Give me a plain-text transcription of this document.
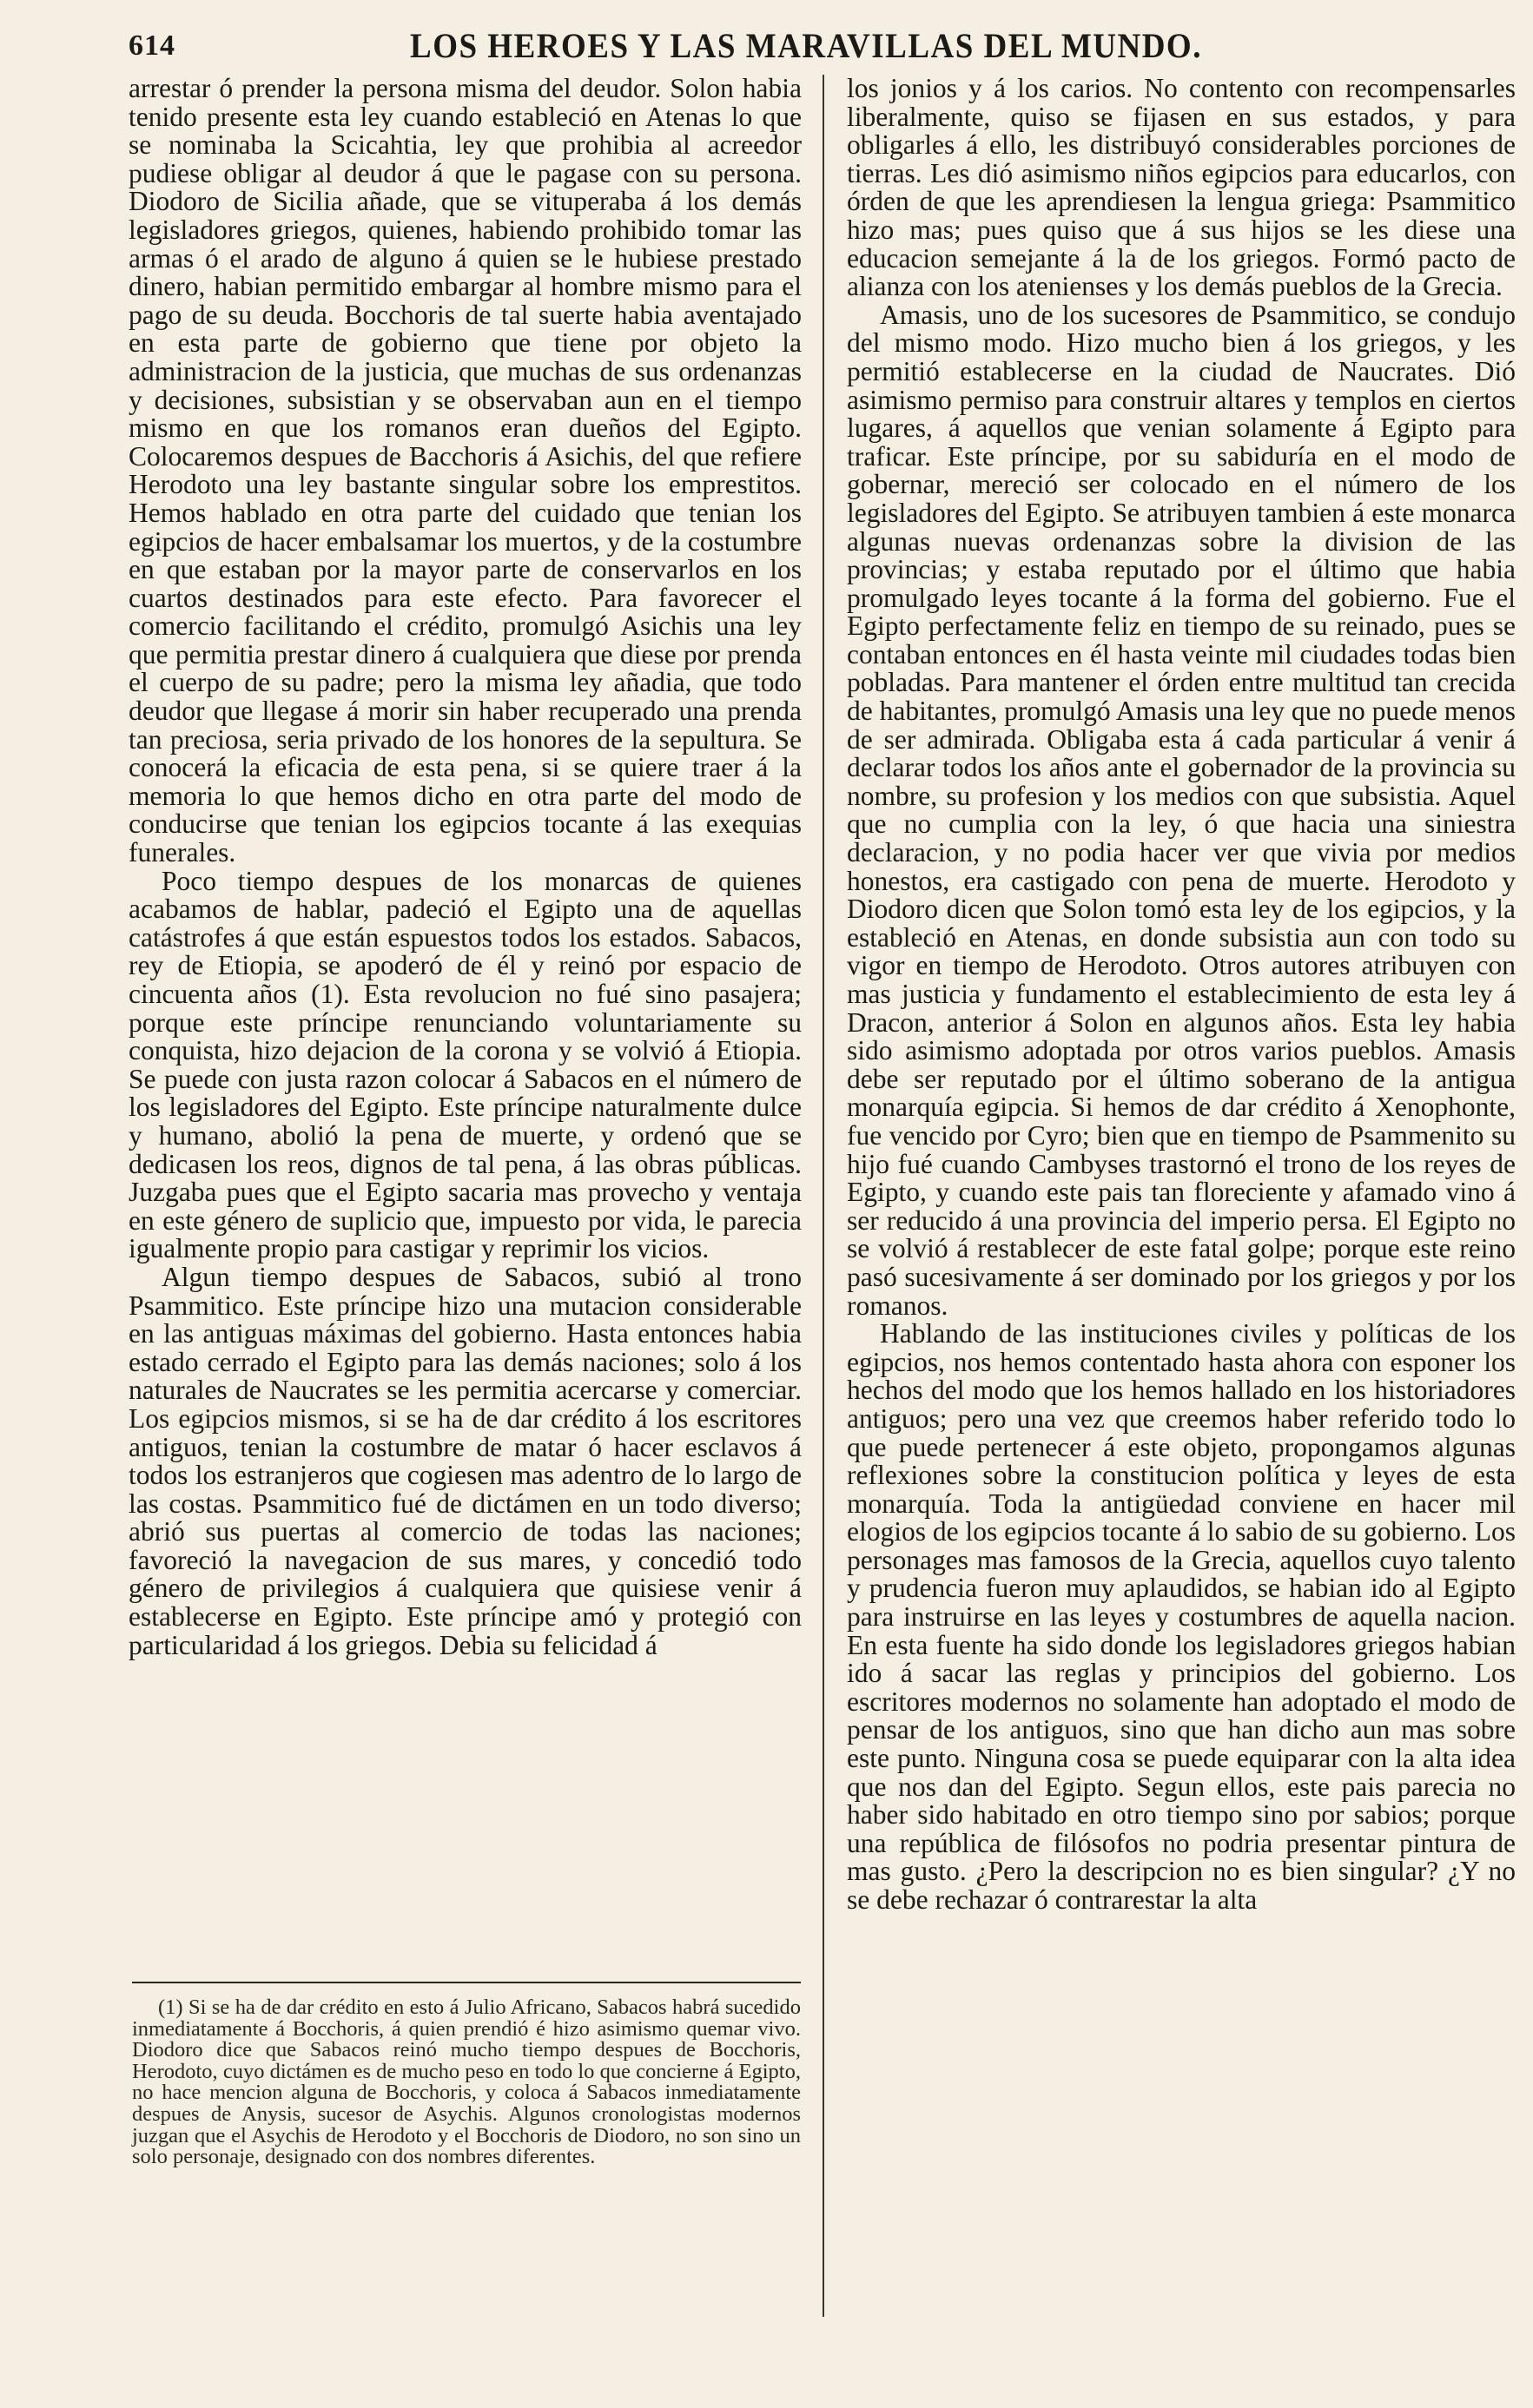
614	LOS HEROES Y LAS MARAVILLAS DEL MUNDO.

arrestar ó prender la persona misma del deudor. Solon habia tenido presente esta ley cuando estableció en Atenas lo que se nominaba la Scicahtia, ley que prohibia al acreedor pudiese obligar al deudor á que le pagase con su persona. Diodoro de Sicilia añade, que se vituperaba á los demás legisladores griegos, quienes, habiendo prohibido tomar las armas ó el arado de alguno á quien se le hubiese prestado dinero, habian permitido embargar al hombre mismo para el pago de su deuda. Bocchoris de tal suerte habia aventajado en esta parte de gobierno que tiene por objeto la administracion de la justicia, que muchas de sus ordenanzas y decisiones, subsistian y se observaban aun en el tiempo mismo en que los romanos eran dueños del Egipto. Colocaremos despues de Bacchoris á Asichis, del que refiere Herodoto una ley bastante singular sobre los emprestitos. Hemos hablado en otra parte del cuidado que tenian los egipcios de hacer embalsamar los muertos, y de la costumbre en que estaban por la mayor parte de conservarlos en los cuartos destinados para este efecto. Para favorecer el comercio facilitando el crédito, promulgó Asichis una ley que permitia prestar dinero á cualquiera que diese por prenda el cuerpo de su padre; pero la misma ley añadia, que todo deudor que llegase á morir sin haber recuperado una prenda tan preciosa, seria privado de los honores de la sepultura. Se conocerá la eficacia de esta pena, si se quiere traer á la memoria lo que hemos dicho en otra parte del modo de conducirse que tenian los egipcios tocante á las exequias funerales.

Poco tiempo despues de los monarcas de quienes acabamos de hablar, padeció el Egipto una de aquellas catástrofes á que están espuestos todos los estados. Sabacos, rey de Etiopia, se apoderó de él y reinó por espacio de cincuenta años (1). Esta revolucion no fué sino pasajera; porque este príncipe renunciando voluntariamente su conquista, hizo dejacion de la corona y se volvió á Etiopia. Se puede con justa razon colocar á Sabacos en el número de los legisladores del Egipto. Este príncipe naturalmente dulce y humano, abolió la pena de muerte, y ordenó que se dedicasen los reos, dignos de tal pena, á las obras públicas. Juzgaba pues que el Egipto sacaria mas provecho y ventaja en este género de suplicio que, impuesto por vida, le parecia igualmente propio para castigar y reprimir los vicios.

Algun tiempo despues de Sabacos, subió al trono Psammitico. Este príncipe hizo una mutacion considerable en las antiguas máximas del gobierno. Hasta entonces habia estado cerrado el Egipto para las demás naciones; solo á los naturales de Naucrates se les permitia acercarse y comerciar. Los egipcios mismos, si se ha de dar crédito á los escritores antiguos, tenian la costumbre de matar ó hacer esclavos á todos los estranjeros que cogiesen mas adentro de lo largo de las costas. Psammitico fué de dictámen en un todo diverso; abrió sus puertas al comercio de todas las naciones; favoreció la navegacion de sus mares, y concedió todo género de privilegios á cualquiera que quisiese venir á establecerse en Egipto. Este príncipe amó y protegió con particularidad á los griegos. Debia su felicidad á

los jonios y á los carios. No contento con recompensarles liberalmente, quiso se fijasen en sus estados, y para obligarles á ello, les distribuyó considerables porciones de tierras. Les dió asimismo niños egipcios para educarlos, con órden de que les aprendiesen la lengua griega: Psammitico hizo mas; pues quiso que á sus hijos se les diese una educacion semejante á la de los griegos. Formó pacto de alianza con los atenienses y los demás pueblos de la Grecia.

Amasis, uno de los sucesores de Psammitico, se condujo del mismo modo. Hizo mucho bien á los griegos, y les permitió establecerse en la ciudad de Naucrates. Dió asimismo permiso para construir altares y templos en ciertos lugares, á aquellos que venian solamente á Egipto para traficar. Este príncipe, por su sabiduría en el modo de gobernar, mereció ser colocado en el número de los legisladores del Egipto. Se atribuyen tambien á este monarca algunas nuevas ordenanzas sobre la division de las provincias; y estaba reputado por el último que habia promulgado leyes tocante á la forma del gobierno. Fue el Egipto perfectamente feliz en tiempo de su reinado, pues se contaban entonces en él hasta veinte mil ciudades todas bien pobladas. Para mantener el órden entre multitud tan crecida de habitantes, promulgó Amasis una ley que no puede menos de ser admirada. Obligaba esta á cada particular á venir á declarar todos los años ante el gobernador de la provincia su nombre, su profesion y los medios con que subsistia. Aquel que no cumplia con la ley, ó que hacia una siniestra declaracion, y no podia hacer ver que vivia por medios honestos, era castigado con pena de muerte. Herodoto y Diodoro dicen que Solon tomó esta ley de los egipcios, y la estableció en Atenas, en donde subsistia aun con todo su vigor en tiempo de Herodoto. Otros autores atribuyen con mas justicia y fundamento el establecimiento de esta ley á Dracon, anterior á Solon en algunos años. Esta ley habia sido asimismo adoptada por otros varios pueblos. Amasis debe ser reputado por el último soberano de la antigua monarquía egipcia. Si hemos de dar crédito á Xenophonte, fue vencido por Cyro; bien que en tiempo de Psammenito su hijo fué cuando Cambyses trastornó el trono de los reyes de Egipto, y cuando este pais tan floreciente y afamado vino á ser reducido á una provincia del imperio persa. El Egipto no se volvió á restablecer de este fatal golpe; porque este reino pasó sucesivamente á ser dominado por los griegos y por los romanos.

Hablando de las instituciones civiles y políticas de los egipcios, nos hemos contentado hasta ahora con esponer los hechos del modo que los hemos hallado en los historiadores antiguos; pero una vez que creemos haber referido todo lo que puede pertenecer á este objeto, propongamos algunas reflexiones sobre la constitucion política y leyes de esta monarquía. Toda la antigüedad conviene en hacer mil elogios de los egipcios tocante á lo sabio de su gobierno. Los personages mas famosos de la Grecia, aquellos cuyo talento y prudencia fueron muy aplaudidos, se habian ido al Egipto para instruirse en las leyes y costumbres de aquella nacion. En esta fuente ha sido donde los legisladores griegos habian ido á sacar las reglas y principios del gobierno. Los escritores modernos no solamente han adoptado el modo de pensar de los antiguos, sino que han dicho aun mas sobre este punto. Ninguna cosa se puede equiparar con la alta idea que nos dan del Egipto. Segun ellos, este pais parecia no haber sido habitado en otro tiempo sino por sabios; porque una república de filósofos no podria presentar pintura de mas gusto. ¿Pero la descripcion no es bien singular? ¿Y no se debe rechazar ó contrarestar la alta

(1) Si se ha de dar crédito en esto á Julio Africano, Sabacos habrá sucedido inmediatamente á Bocchoris, á quien prendió é hizo asimismo quemar vivo. Diodoro dice que Sabacos reinó mucho tiempo despues de Bocchoris, Herodoto, cuyo dictámen es de mucho peso en todo lo que concierne á Egipto, no hace mencion alguna de Bocchoris, y coloca á Sabacos inmediatamente despues de Anysis, sucesor de Asychis. Algunos cronologistas modernos juzgan que el Asychis de Herodoto y el Bocchoris de Diodoro, no son sino un solo personaje, designado con dos nombres diferentes.
